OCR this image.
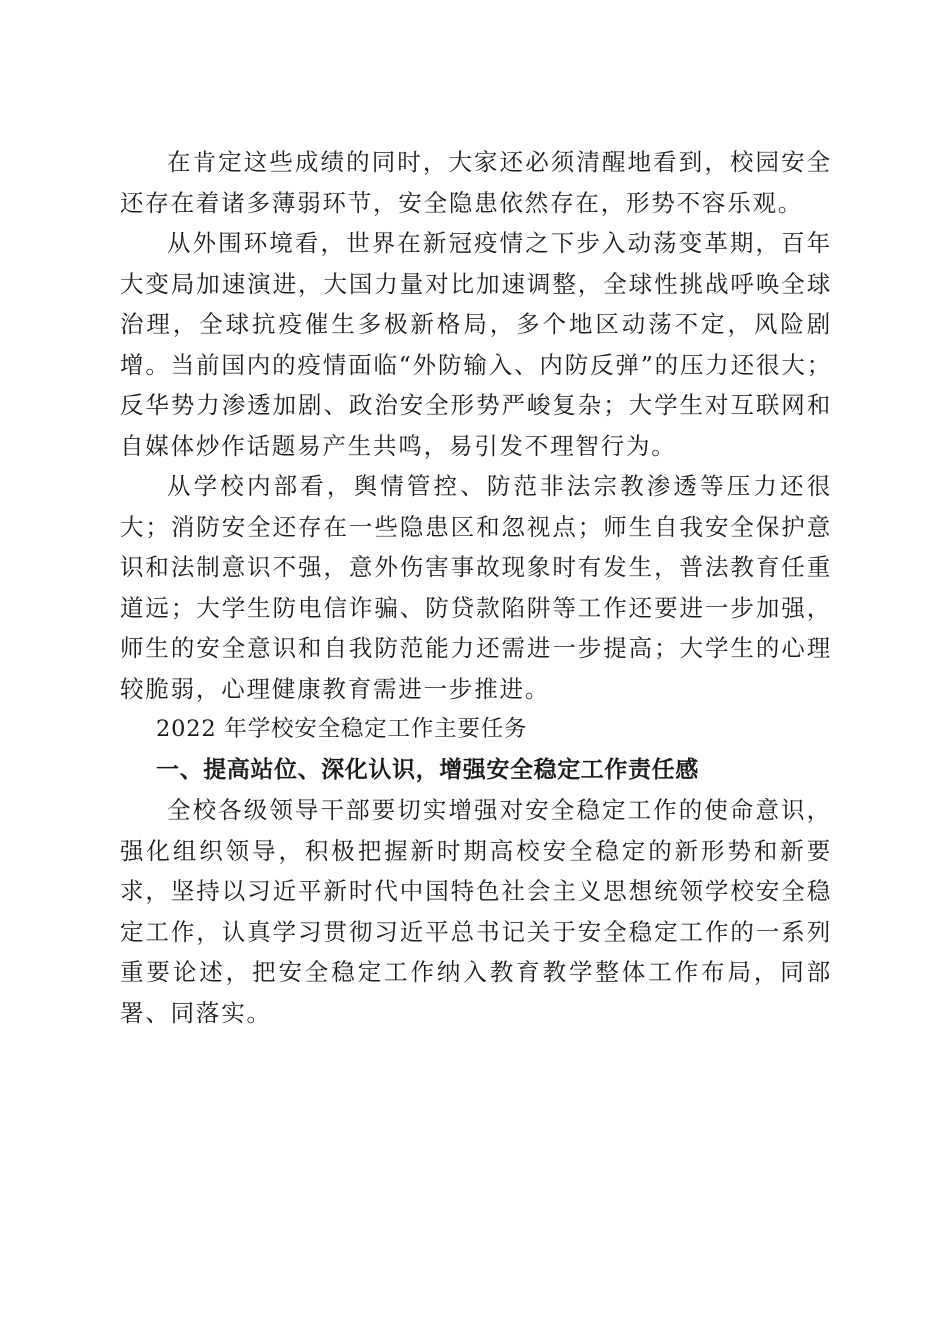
在肯定这些成绩的同时，大家还必须清醒地看到，校园安全还存在着诸多薄弱环节，安全隐患依然存在，形势不容乐观。

从外围环境看，世界在新冠疫情之下步入动荡变革期，百年大变局加速演进，大国力量对比加速调整，全球性挑战呼唤全球治理，全球抗疫催生多极新格局，多个地区动荡不定，风险剧增。当前国内的疫情面临“外防输入、内防反弹”的压力还很大；反华势力渗透加剧、政治安全形势严峻复杂；大学生对互联网和自媒体炒作话题易产生共鸣，易引发不理智行为。

从学校内部看，舆情管控、防范非法宗教渗透等压力还很大；消防安全还存在一些隐患区和忽视点；师生自我安全保护意识和法制意识不强，意外伤害事故现象时有发生，普法教育任重道远；大学生防电信诈骗、防贷款陷阱等工作还要进一步加强，师生的安全意识和自我防范能力还需进一步提高；大学生的心理较脆弱，心理健康教育需进一步推进。

2022 年学校安全稳定工作主要任务

一、提高站位、深化认识，增强安全稳定工作责任感

全校各级领导干部要切实增强对安全稳定工作的使命意识，强化组织领导，积极把握新时期高校安全稳定的新形势和新要求，坚持以习近平新时代中国特色社会主义思想统领学校安全稳定工作，认真学习贯彻习近平总书记关于安全稳定工作的一系列重要论述，把安全稳定工作纳入教育教学整体工作布局，同部署、同落实。
